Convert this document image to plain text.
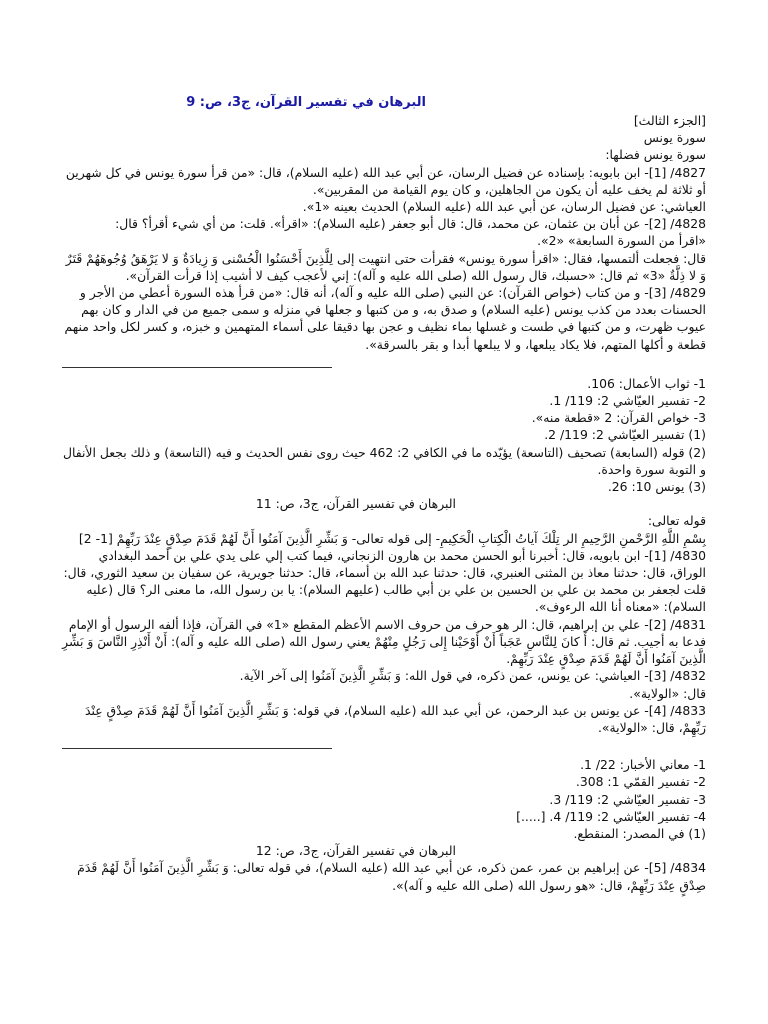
البرهان في تفسير القرآن، ج3، ص: 9
[الجزء الثالث]
سورة يونس
سورة يونس فضلها:
4827/ [1]- ابن بابويه: بإسناده عن فضيل الرسان، عن أبي عبد الله (عليه السلام)، قال: «من قرأ سورة يونس في كل شهرين أو ثلاثة لم يخف عليه أن يكون من الجاهلين، و كان يوم القيامة من المقربين».
العياشي: عن فضيل الرسان، عن أبي عبد الله (عليه السلام) الحديث بعينه «1».
4828/ [2]- عن أبان بن عثمان، عن محمد، قال: قال أبو جعفر (عليه السلام): «اقرأ». قلت: من أي شيء أقرأ؟ قال:
«اقرأ من السورة السابعة» «2».
قال: فجعلت ألتمسها، فقال: «اقرأ سورة يونس» فقرأت حتى انتهيت إلى لِلَّذِينَ أَحْسَنُوا الْحُسْنى‏ وَ زِيادَةٌ وَ لا يَرْهَقُ وُجُوهَهُمْ قَتَرٌ وَ لا ذِلَّةٌ «3» ثم قال: «حسبك، قال رسول الله (صلى الله عليه و آله): إني لأعجب كيف لا أشيب إذا قرأت القرآن».
4829/ [3]- و من كتاب (خواص القرآن): عن النبي (صلى الله عليه و آله)، أنه قال: «من قرأ هذه السورة أعطي من الأجر و الحسنات بعدد من كذب يونس (عليه السلام) و صدق به، و من كتبها و جعلها في منزله و سمى جميع من في الدار و كان بهم عيوب ظهرت، و من كتبها في طست و غسلها بماء نظيف و عجن بها دقيقا على أسماء المتهمين و خبزه، و كسر لكل واحد منهم قطعة و أكلها المتهم، فلا يكاد يبلعها، و لا يبلعها أبدا و بقر بالسرقة».
1- ثواب الأعمال: 106.
2- تفسير العيّاشي 2: 119/ 1.
3- خواص القرآن: 2 «قطعة منه».
(1) تفسير العيّاشي 2: 119/ 2.
(2) قوله (السابعة) تصحيف (التاسعة) يؤيّده ما في الكافي 2: 462 حيث روى نفس الحديث و فيه (التاسعة) و ذلك بجعل الأنفال و التوبة سورة واحدة.
(3) يونس 10: 26.
البرهان في تفسير القرآن، ج3، ص: 11
قوله تعالى:
بِسْمِ اللَّهِ الرَّحْمنِ الرَّحِيمِ الر تِلْكَ آياتُ الْكِتابِ الْحَكِيمِ- إلى قوله تعالى- وَ بَشِّرِ الَّذِينَ آمَنُوا أَنَّ لَهُمْ قَدَمَ صِدْقٍ عِنْدَ رَبِّهِمْ [1- 2]
4830/ [1]- ابن بابويه، قال: أخبرنا أبو الحسن محمد بن هارون الزنجاني، فيما كتب إلي على يدي علي بن أحمد البغدادي الوراق، قال: حدثنا معاذ بن المثنى العنبري، قال: حدثنا عبد الله بن أسماء، قال: حدثنا جويرية، عن سفيان بن سعيد الثوري، قال: قلت لجعفر بن محمد بن علي بن الحسين بن علي بن أبي طالب (عليهم السلام): يا بن رسول الله، ما معنى الر؟ قال (عليه السلام): «معناه أنا الله الرءوف».
4831/ [2]- علي بن إبراهيم، قال: الر هو حرف من حروف الاسم الأعظم المقطع «1» في القرآن، فإذا ألفه الرسول أو الإمام فدعا به أجيب. ثم قال: أَ كانَ لِلنَّاسِ عَجَباً أَنْ أَوْحَيْنا إِلى‏ رَجُلٍ مِنْهُمْ يعني رسول الله (صلى الله عليه و آله): أَنْ أَنْذِرِ النَّاسَ وَ بَشِّرِ الَّذِينَ آمَنُوا أَنَّ لَهُمْ قَدَمَ صِدْقٍ عِنْدَ رَبِّهِمْ.
4832/ [3]- العياشي: عن يونس، عمن ذكره، في قول الله: وَ بَشِّرِ الَّذِينَ آمَنُوا إلى آخر الآية.
قال: «الولاية».
4833/ [4]- عن يونس بن عبد الرحمن، عن أبي عبد الله (عليه السلام)، في قوله: وَ بَشِّرِ الَّذِينَ آمَنُوا أَنَّ لَهُمْ قَدَمَ صِدْقٍ عِنْدَ رَبِّهِمْ، قال: «الولاية».
1- معاني الأخبار: 22/ 1.
2- تفسير القمّي 1: 308.
3- تفسير العيّاشي 2: 119/ 3.
4- تفسير العيّاشي 2: 119/ 4. [.....]
(1) في المصدر: المنقطع.
البرهان في تفسير القرآن، ج3، ص: 12
4834/ [5]- عن إبراهيم بن عمر، عمن ذكره، عن أبي عبد الله (عليه السلام)، في قوله تعالى: وَ بَشِّرِ الَّذِينَ آمَنُوا أَنَّ لَهُمْ قَدَمَ صِدْقٍ عِنْدَ رَبِّهِمْ، قال: «هو رسول الله (صلى الله عليه و آله)».
